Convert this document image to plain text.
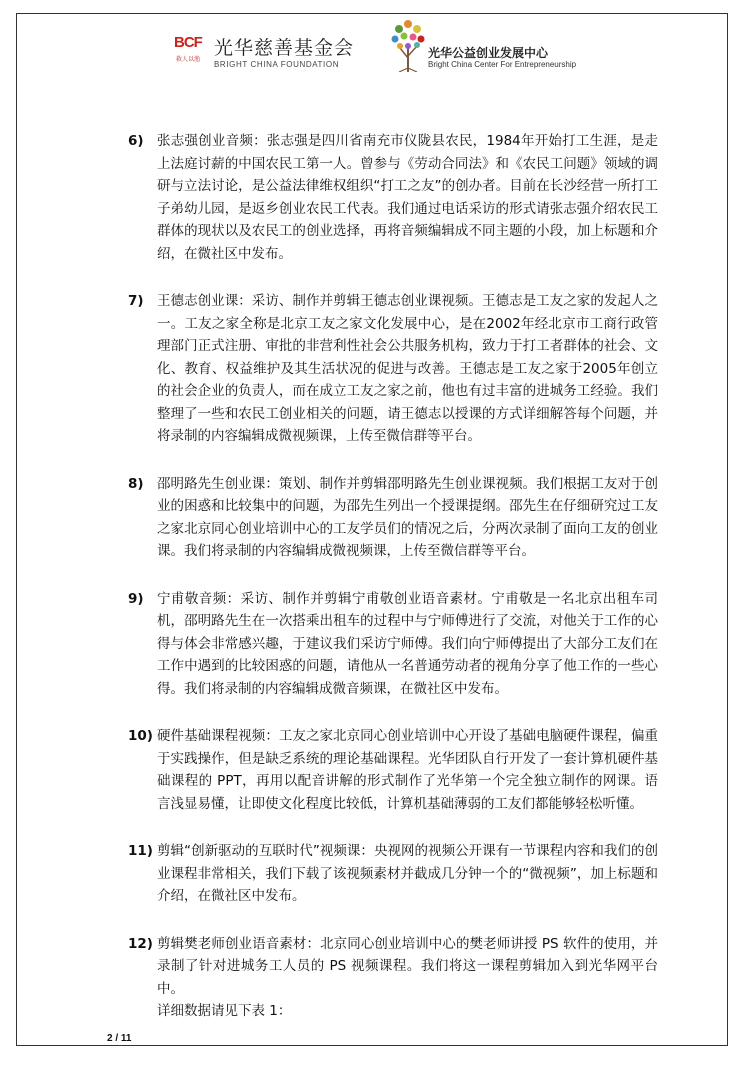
BCF
救人以渔
光华慈善基金会
BRIGHT CHINA FOUNDATION
光华公益创业发展中心
Bright China Center For Entrepreneurship
6) 张志强创业音频：张志强是四川省南充市仪陇县农民，1984年开始打工生涯，是走上法庭讨薪的中国农民工第一人。曾参与《劳动合同法》和《农民工问题》领域的调研与立法讨论，是公益法律维权组织“打工之友”的创办者。目前在长沙经营一所打工子弟幼儿园，是返乡创业农民工代表。我们通过电话采访的形式请张志强介绍农民工群体的现状以及农民工的创业选择，再将音频编辑成不同主题的小段，加上标题和介绍，在微社区中发布。
7) 王德志创业课：采访、制作并剪辑王德志创业课视频。王德志是工友之家的发起人之一。工友之家全称是北京工友之家文化发展中心，是在2002年经北京市工商行政管理部门正式注册、审批的非营利性社会公共服务机构，致力于打工者群体的社会、文化、教育、权益维护及其生活状况的促进与改善。王德志是工友之家于2005年创立的社会企业的负责人，而在成立工友之家之前，他也有过丰富的进城务工经验。我们整理了一些和农民工创业相关的问题，请王德志以授课的方式详细解答每个问题，并将录制的内容编辑成微视频课，上传至微信群等平台。
8) 邵明路先生创业课：策划、制作并剪辑邵明路先生创业课视频。我们根据工友对于创业的困惑和比较集中的问题，为邵先生列出一个授课提纲。邵先生在仔细研究过工友之家北京同心创业培训中心的工友学员们的情况之后，分两次录制了面向工友的创业课。我们将录制的内容编辑成微视频课，上传至微信群等平台。
9) 宁甫敬音频：采访、制作并剪辑宁甫敬创业语音素材。宁甫敬是一名北京出租车司机，邵明路先生在一次搭乘出租车的过程中与宁师傅进行了交流，对他关于工作的心得与体会非常感兴趣，于建议我们采访宁师傅。我们向宁师傅提出了大部分工友们在工作中遇到的比较困惑的问题，请他从一名普通劳动者的视角分享了他工作的一些心得。我们将录制的内容编辑成微音频课，在微社区中发布。
10) 硬件基础课程视频：工友之家北京同心创业培训中心开设了基础电脑硬件课程，偏重于实践操作，但是缺乏系统的理论基础课程。光华团队自行开发了一套计算机硬件基础课程的 PPT，再用以配音讲解的形式制作了光华第一个完全独立制作的网课。语言浅显易懂，让即使文化程度比较低，计算机基础薄弱的工友们都能够轻松听懂。
11) 剪辑“创新驱动的互联时代”视频课：央视网的视频公开课有一节课程内容和我们的创业课程非常相关，我们下载了该视频素材并截成几分钟一个的“微视频”，加上标题和介绍，在微社区中发布。
12) 剪辑樊老师创业语音素材：北京同心创业培训中心的樊老师讲授 PS 软件的使用，并录制了针对进城务工人员的 PS 视频课程。我们将这一课程剪辑加入到光华网平台中。
详细数据请见下表 1：
2 / 11
